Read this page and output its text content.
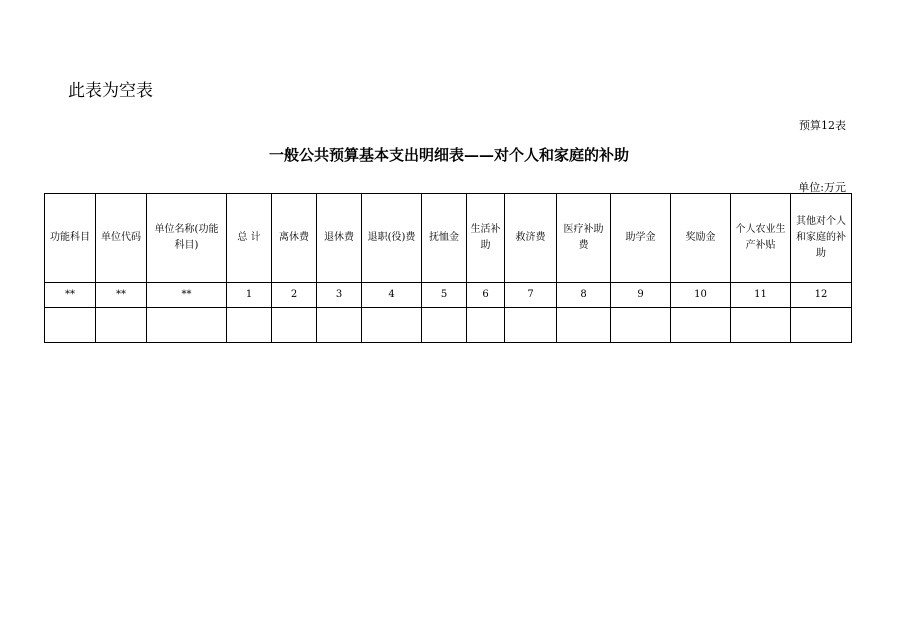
此表为空表
预算12表
一般公共预算基本支出明细表——对个人和家庭的补助
单位:万元
功能科目	单位代码	单位名称(功能科目)	总 计	离休费	退休费	退职(役)费	抚恤金	生活补助	救济费	医疗补助费	助学金	奖励金	个人农业生产补贴	其他对个人和家庭的补助
**	**	**	1	2	3	4	5	6	7	8	9	10	11	12
